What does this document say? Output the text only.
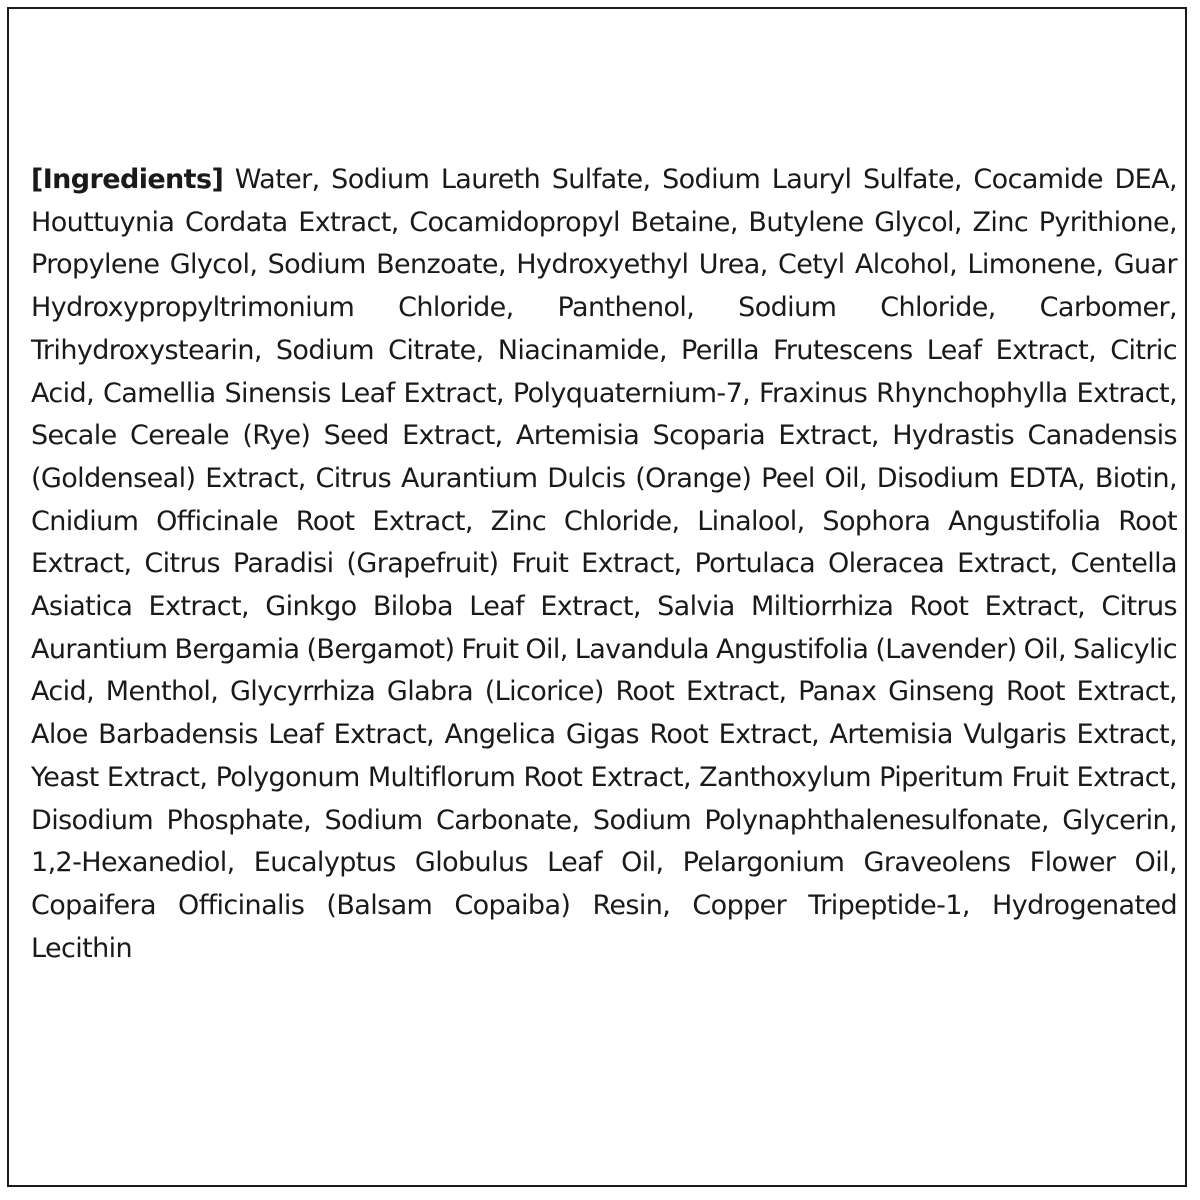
[Ingredients] Water, Sodium Laureth Sulfate, Sodium Lauryl Sulfate, Cocamide DEA, Houttuynia Cordata Extract, Cocamidopropyl Betaine, Butylene Glycol, Zinc Pyrithione, Propylene Glycol, Sodium Benzoate, Hydroxyethyl Urea, Cetyl Alcohol, Limonene, Guar Hydroxypropyltrimonium Chloride, Panthenol, Sodium Chloride, Carbomer, Trihydroxystearin, Sodium Citrate, Niacinamide, Perilla Frutescens Leaf Extract, Citric Acid, Camellia Sinensis Leaf Extract, Polyquaternium-7, Fraxinus Rhynchophylla Extract, Secale Cereale (Rye) Seed Extract, Artemisia Scoparia Extract, Hydrastis Canadensis (Goldenseal) Extract, Citrus Aurantium Dulcis (Orange) Peel Oil, Disodium EDTA, Biotin, Cnidium Officinale Root Extract, Zinc Chloride, Linalool, Sophora Angustifolia Root Extract, Citrus Paradisi (Grapefruit) Fruit Extract, Portulaca Oleracea Extract, Centella Asiatica Extract, Ginkgo Biloba Leaf Extract, Salvia Miltiorrhiza Root Extract, Citrus Aurantium Bergamia (Bergamot) Fruit Oil, Lavandula Angustifolia (Lavender) Oil, Salicylic Acid, Menthol, Glycyrrhiza Glabra (Licorice) Root Extract, Panax Ginseng Root Extract, Aloe Barbadensis Leaf Extract, Angelica Gigas Root Extract, Artemisia Vulgaris Extract, Yeast Extract, Polygonum Multiflorum Root Extract, Zanthoxylum Piperitum Fruit Extract, Disodium Phosphate, Sodium Carbonate, Sodium Polynaphthalenesulfonate, Glycerin, 1,2-Hexanediol, Eucalyptus Globulus Leaf Oil, Pelargonium Graveolens Flower Oil, Copaifera Officinalis (Balsam Copaiba) Resin, Copper Tripeptide-1, Hydrogenated Lecithin
